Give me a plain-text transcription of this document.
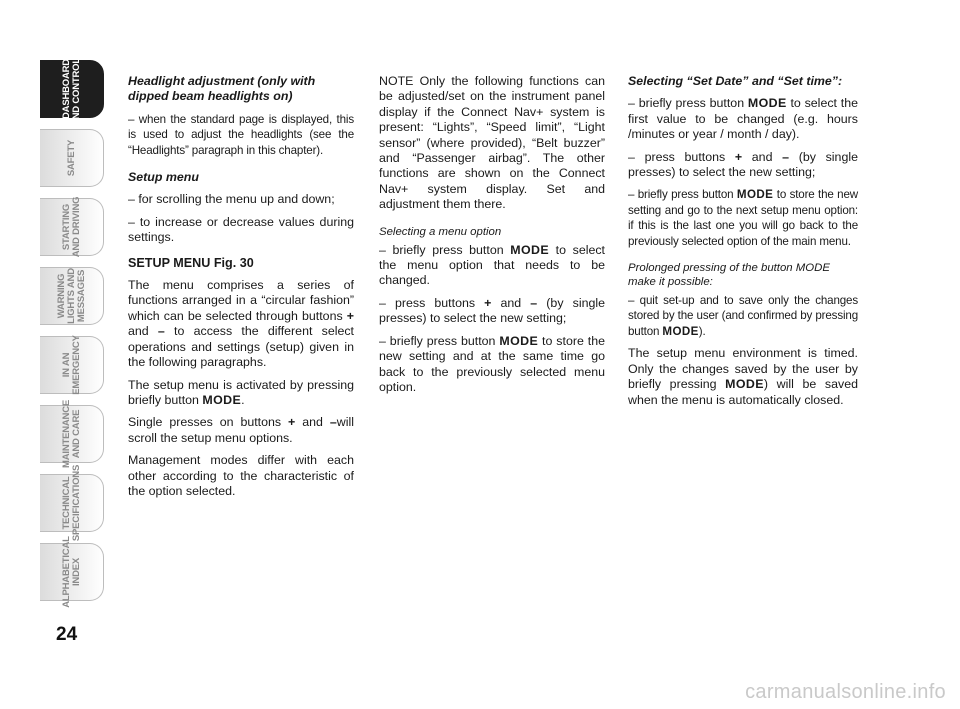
DASHBOARD
AND CONTROLS
SAFETY
STARTING
AND DRIVING
WARNING
LIGHTS AND
MESSAGES
IN AN
EMERGENCY
MAINTENANCE
AND CARE
TECHNICAL
SPECIFICATIONS
ALPHABETICAL
INDEX
24

Headlight adjustment (only with dipped beam headlights on)

– when the standard page is displayed, this is used to adjust the headlights (see the “Headlights” paragraph in this chapter).

Setup menu

– for scrolling the menu up and down;

– to increase or decrease values during settings.

SETUP MENU Fig. 30

The menu comprises a series of functions arranged in a “circular fashion” which can be selected through buttons + and – to access the different select operations and settings (setup) given in the following paragraphs.

The setup menu is activated by pressing briefly button MODE.

Single presses on buttons + and –will scroll the setup menu options.

Management modes differ with each other according to the characteristic of the option selected.

NOTE Only the following functions can be adjusted/set on the instrument panel display if the Connect Nav+ system is present: “Lights”, “Speed limit”, “Light sensor” (where provided), “Belt buzzer” and “Passenger airbag”. The other functions are shown on the Connect Nav+ system display. Set and adjustment them there.

Selecting a menu option

– briefly press button MODE to select the menu option that needs to be changed.

– press buttons + and – (by single presses) to select the new setting;

– briefly press button MODE to store the new setting and at the same time go back to the previously selected menu option.

Selecting “Set Date” and “Set time”:

– briefly press button MODE to select the first value to be changed (e.g. hours /minutes or year / month / day).

– press buttons + and – (by single presses) to select the new setting;

– briefly press button MODE to store the new setting and go to the next setup menu option: if this is the last one you will go back to the previously selected option of the main menu.

Prolonged pressing of the button MODE make it possible:

– quit set-up and to save only the changes stored by the user (and confirmed by pressing button MODE).

The setup menu environment is timed. Only the changes saved by the user by briefly pressing MODE) will be saved when the menu is automatically closed.

carmanualsonline.info
